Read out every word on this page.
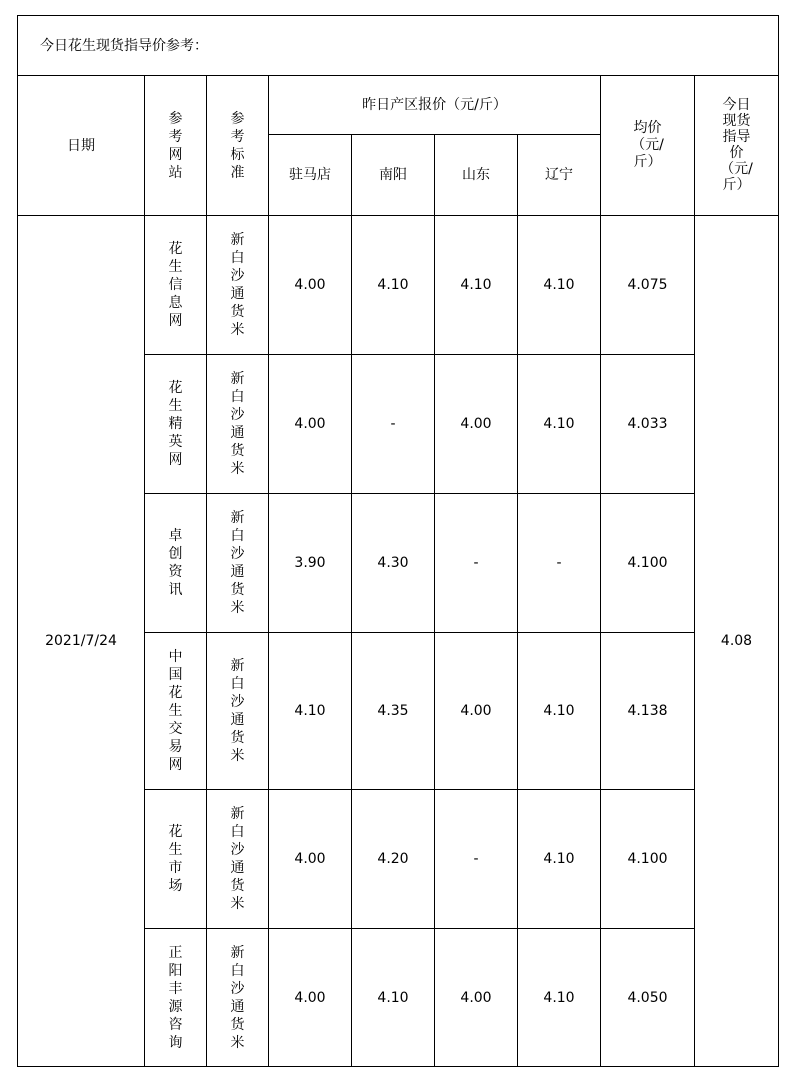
今日花生现货指导价参考：								
日期	参考网站	参考标准	昨日产区报价（元/斤）				均价（元/斤）	今日现货指导价（元/斤）
			驻马店	南阳	山东	辽宁		
2021/7/24	花生信息网	新白沙通货米	4.00	4.10	4.10	4.10	4.075	4.08
	花生精英网	新白沙通货米	4.00	-	4.00	4.10	4.033	
	卓创资讯	新白沙通货米	3.90	4.30	-	-	4.100	
	中国花生交易网	新白沙通货米	4.10	4.35	4.00	4.10	4.138	
	花生市场	新白沙通货米	4.00	4.20	-	4.10	4.100	
	正阳丰源咨询	新白沙通货米	4.00	4.10	4.00	4.10	4.050	
